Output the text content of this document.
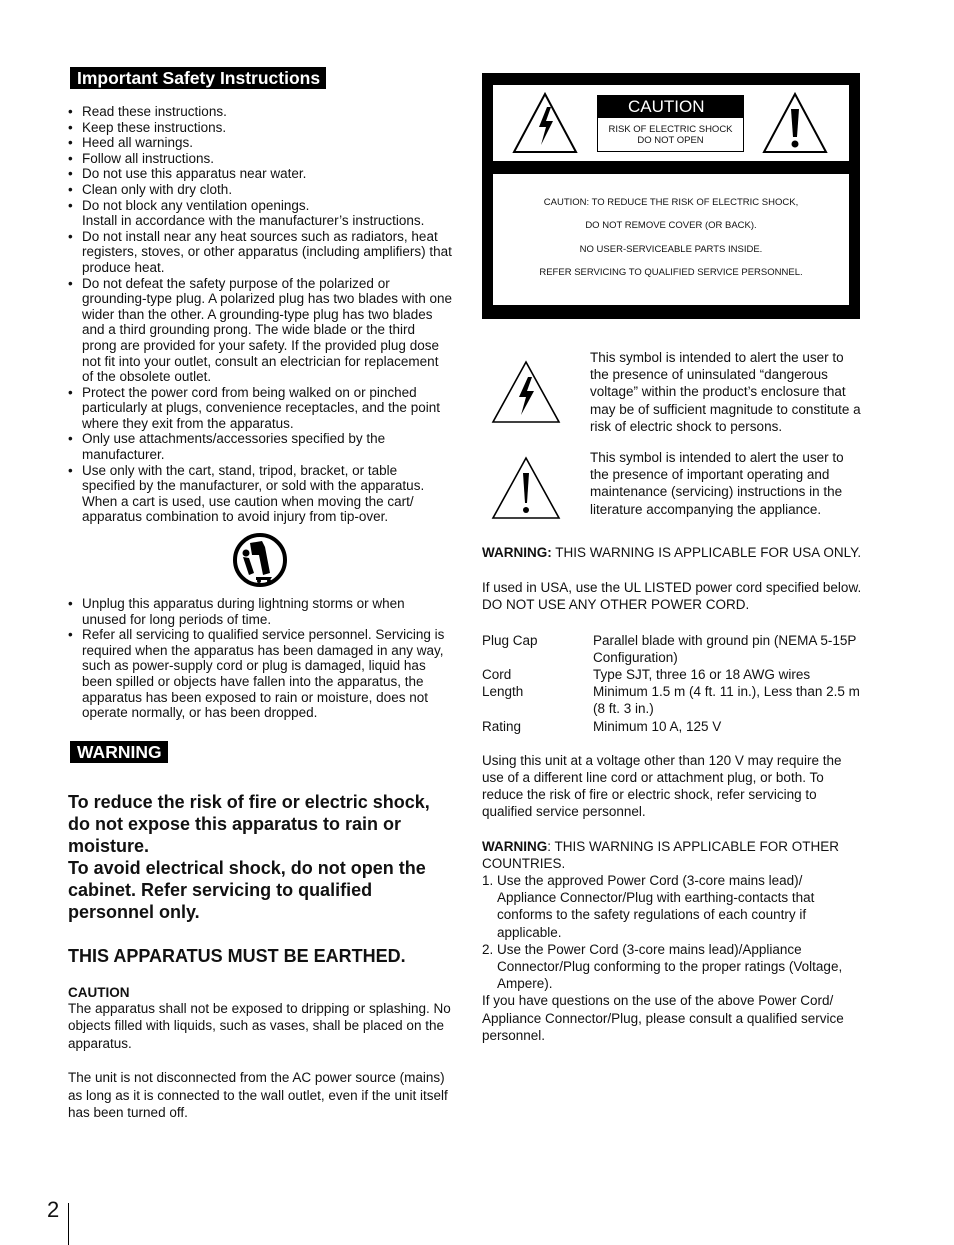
Important Safety Instructions
• Read these instructions.
• Keep these instructions.
• Heed all warnings.
• Follow all instructions.
• Do not use this apparatus near water.
• Clean only with dry cloth.
• Do not block any ventilation openings.
Install in accordance with the manufacturer’s instructions.
• Do not install near any heat sources such as radiators, heat registers, stoves, or other apparatus (including amplifiers) that produce heat.
• Do not defeat the safety purpose of the polarized or grounding-type plug. A polarized plug has two blades with one wider than the other. A grounding-type plug has two blades and a third grounding prong. The wide blade or the third prong are provided for your safety. If the provided plug dose not fit into your outlet, consult an electrician for replacement of the obsolete outlet.
• Protect the power cord from being walked on or pinched particularly at plugs, convenience receptacles, and the point where they exit from the apparatus.
• Only use attachments/accessories specified by the manufacturer.
• Use only with the cart, stand, tripod, bracket, or table specified by the manufacturer, or sold with the apparatus. When a cart is used, use caution when moving the cart/ apparatus combination to avoid injury from tip-over.
• Unplug this apparatus during lightning storms or when unused for long periods of time.
• Refer all servicing to qualified service personnel. Servicing is required when the apparatus has been damaged in any way, such as power-supply cord or plug is damaged, liquid has been spilled or objects have fallen into the apparatus, the apparatus has been exposed to rain or moisture, does not operate normally, or has been dropped.
WARNING

To reduce the risk of fire or electric shock, do not expose this apparatus to rain or moisture.

To avoid electrical shock, do not open the cabinet. Refer servicing to qualified personnel only.

THIS APPARATUS MUST BE EARTHED.

CAUTION

The apparatus shall not be exposed to dripping or splashing. No objects filled with liquids, such as vases, shall be placed on the apparatus.

The unit is not disconnected from the AC power source (mains) as long as it is connected to the wall outlet, even if the unit itself has been turned off.

CAUTION
RISK OF ELECTRIC SHOCK
DO NOT OPEN
CAUTION: TO REDUCE THE RISK OF ELECTRIC SHOCK,
DO NOT REMOVE COVER (OR BACK).
NO USER-SERVICEABLE PARTS INSIDE.
REFER SERVICING TO QUALIFIED SERVICE PERSONNEL.
This symbol is intended to alert the user to the presence of uninsulated “dangerous voltage” within the product’s enclosure that may be of sufficient magnitude to constitute a risk of electric shock to persons.
This symbol is intended to alert the user to the presence of important operating and maintenance (servicing) instructions in the literature accompanying the appliance.

WARNING: THIS WARNING IS APPLICABLE FOR USA ONLY.

If used in USA, use the UL LISTED power cord specified below.

DO NOT USE ANY OTHER POWER CORD.

Plug Cap	Parallel blade with ground pin (NEMA 5-15P Configuration)
Cord	Type SJT, three 16 or 18 AWG wires
Length	Minimum 1.5 m (4 ft. 11 in.), Less than 2.5 m (8 ft. 3 in.)
Rating	Minimum 10 A, 125 V

Using this unit at a voltage other than 120 V may require the use of a different line cord or attachment plug, or both. To reduce the risk of fire or electric shock, refer servicing to qualified service personnel.

WARNING: THIS WARNING IS APPLICABLE FOR OTHER COUNTRIES.

1. Use the approved Power Cord (3-core mains lead)/ Appliance Connector/Plug with earthing-contacts that conforms to the safety regulations of each country if applicable.
2. Use the Power Cord (3-core mains lead)/Appliance Connector/Plug conforming to the proper ratings (Voltage, Ampere).

If you have questions on the use of the above Power Cord/ Appliance Connector/Plug, please consult a qualified service personnel.

2
